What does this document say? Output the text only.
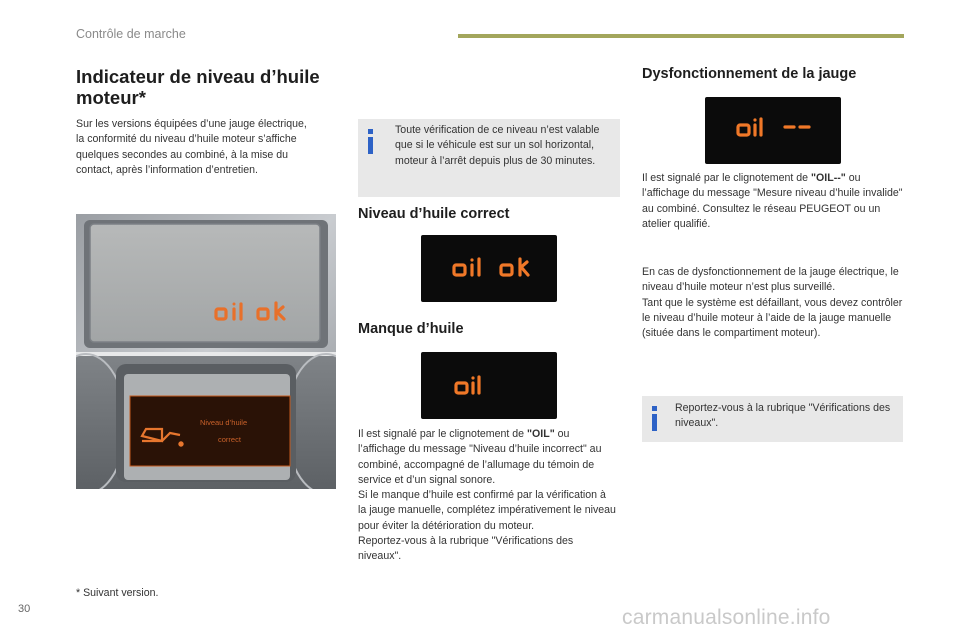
Contrôle de marche
Indicateur de niveau d’huile moteur*

Sur les versions équipées d’une jauge électrique, la conformité du niveau d’huile moteur s’affiche quelques secondes au combiné, à la mise du contact, après l’information d’entretien.

Niveau d’huile
correct

Toute vérification de ce niveau n’est valable que si le véhicule est sur un sol horizontal, moteur à l’arrêt depuis plus de 30 minutes.

Niveau d’huile correct
Manque d’huile

Il est signalé par le clignotement de "OIL" ou l’affichage du message "Niveau d’huile incorrect" au combiné, accompagné de l’allumage du témoin de service et d’un signal sonore.
Si le manque d’huile est confirmé par la vérification à la jauge manuelle, complétez impérativement le niveau pour éviter la détérioration du moteur.
Reportez-vous à la rubrique "Vérifications des niveaux".

Dysfonctionnement de la jauge

Il est signalé par le clignotement de "OIL--" ou l’affichage du message "Mesure niveau d’huile invalide" au combiné. Consultez le réseau PEUGEOT ou un atelier qualifié.

En cas de dysfonctionnement de la jauge électrique, le niveau d’huile moteur n’est plus surveillé.
Tant que le système est défaillant, vous devez contrôler le niveau d’huile moteur à l’aide de la jauge manuelle (située dans le compartiment moteur).

Reportez-vous à la rubrique "Vérifications des niveaux".

* Suivant version.
30	carmanualsonline.info
